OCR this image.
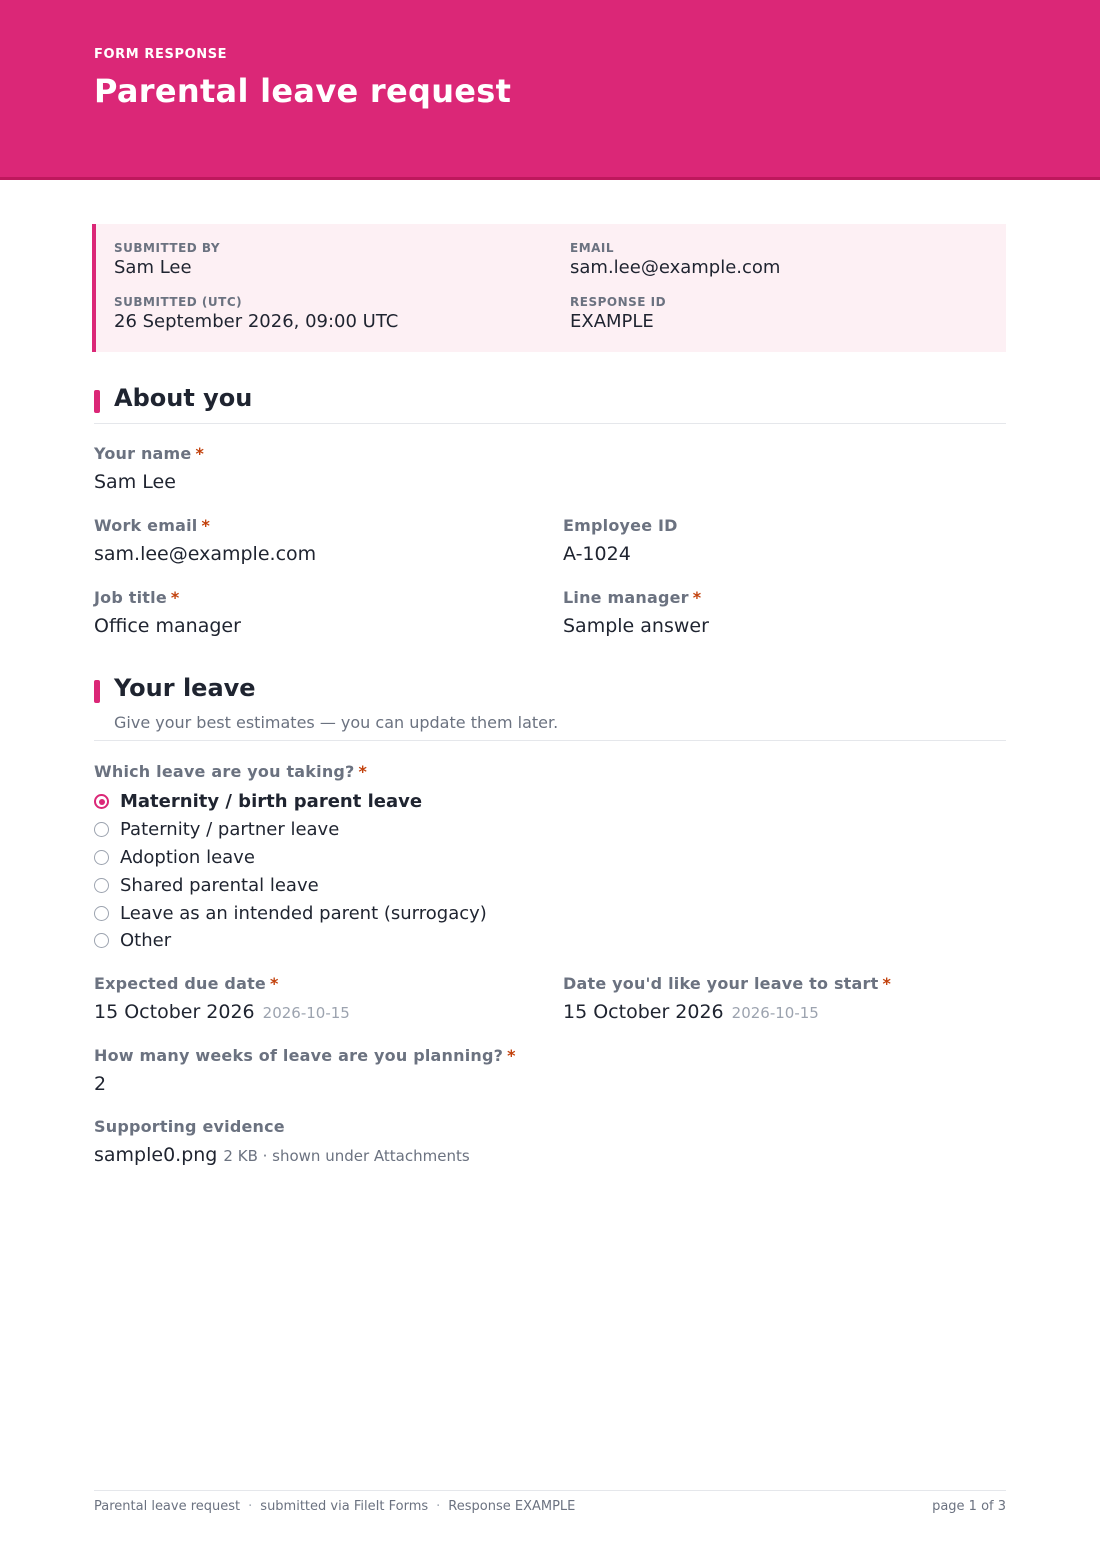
FORM RESPONSE
Parental leave request
SUBMITTED BY
Sam Lee
EMAIL
sam.lee@example.com
SUBMITTED (UTC)
26 September 2026, 09:00 UTC
RESPONSE ID
EXAMPLE
About you
Your name *
Sam Lee
Work email *
sam.lee@example.com
Employee ID
A-1024
Job title *
Office manager
Line manager *
Sample answer
Your leave
Give your best estimates — you can update them later.
Which leave are you taking? *
Maternity / birth parent leave
Paternity / partner leave
Adoption leave
Shared parental leave
Leave as an intended parent (surrogacy)
Other
Expected due date *
15 October 2026 2026-10-15
Date you'd like your leave to start *
15 October 2026 2026-10-15
How many weeks of leave are you planning? *
2
Supporting evidence
sample0.png 2 KB · shown under Attachments
Parental leave request · submitted via FileIt Forms · Response EXAMPLE	page 1 of 3
